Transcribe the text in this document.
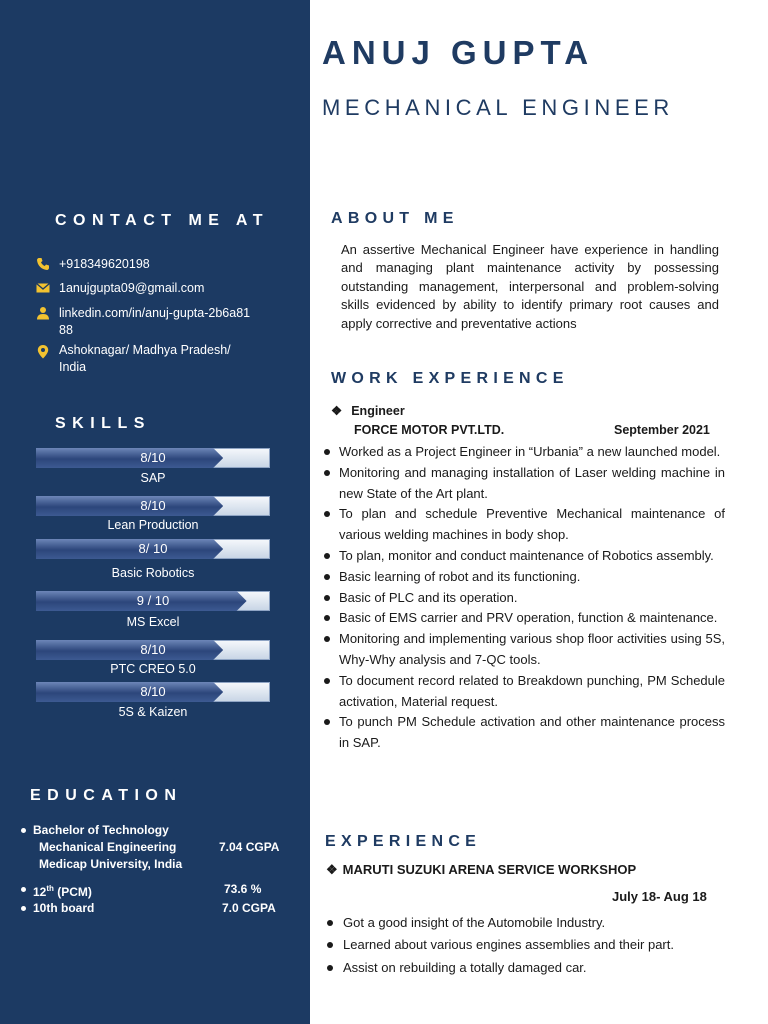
CONTACT ME AT
+918349620198
1anujgupta09@gmail.com
linkedin.com/in/anuj-gupta-2b6a8188
Ashoknagar/ Madhya Pradesh/ India
SKILLS
8/10
SAP
8/10
Lean Production
8/ 10
Basic Robotics
9 / 10
MS Excel
8/10
PTC CREO 5.0
8/10
5S & Kaizen
EDUCATION
Bachelor of Technology
Mechanical Engineering
Medicap University, India
7.04 CGPA
12th (PCM)	73.6 %
10th board	7.0 CGPA
ANUJ GUPTA
MECHANICAL ENGINEER
ABOUT ME
An assertive Mechanical Engineer have experience in handling and managing plant maintenance activity by possessing outstanding management, interpersonal and problem-solving skills evidenced by ability to identify primary root causes and apply corrective and preventative actions
WORK EXPERIENCE
❖ Engineer
FORCE MOTOR PVT.LTD.	September 2021
Worked as a Project Engineer in “Urbania” a new launched model.
Monitoring and managing installation of Laser welding machine in new State of the Art plant.
To plan and schedule Preventive Mechanical maintenance of various welding machines in body shop.
To plan, monitor and conduct maintenance of Robotics assembly.
Basic learning of robot and its functioning.
Basic of PLC and its operation.
Basic of EMS carrier and PRV operation, function & maintenance.
Monitoring and implementing various shop floor activities using 5S, Why-Why analysis and 7-QC tools.
To document record related to Breakdown punching, PM Schedule activation, Material request.
To punch PM Schedule activation and other maintenance process in SAP.
EXPERIENCE
❖ MARUTI SUZUKI ARENA SERVICE WORKSHOP
July 18- Aug 18
Got a good insight of the Automobile Industry.
Learned about various engines assemblies and their part.
Assist on rebuilding a totally damaged car.
